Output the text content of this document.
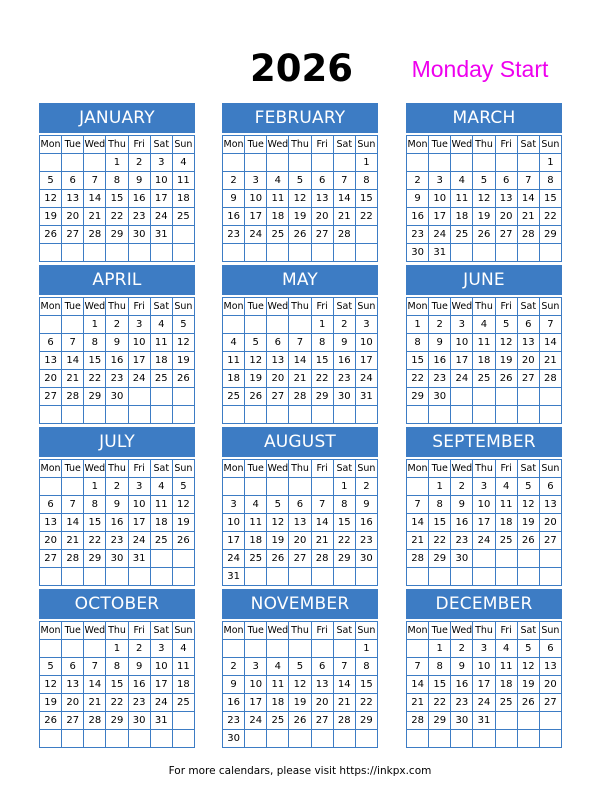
2026	Monday Start
JANUARY
Mon	Tue	Wed	Thu	Fri	Sat	Sun
			1	2	3	4
5	6	7	8	9	10	11
12	13	14	15	16	17	18
19	20	21	22	23	24	25
26	27	28	29	30	31	

FEBRUARY
Mon	Tue	Wed	Thu	Fri	Sat	Sun
						1
2	3	4	5	6	7	8
9	10	11	12	13	14	15
16	17	18	19	20	21	22
23	24	25	26	27	28	

MARCH
Mon	Tue	Wed	Thu	Fri	Sat	Sun
						1
2	3	4	5	6	7	8
9	10	11	12	13	14	15
16	17	18	19	20	21	22
23	24	25	26	27	28	29
30	31					
APRIL
Mon	Tue	Wed	Thu	Fri	Sat	Sun
		1	2	3	4	5
6	7	8	9	10	11	12
13	14	15	16	17	18	19
20	21	22	23	24	25	26
27	28	29	30			

MAY
Mon	Tue	Wed	Thu	Fri	Sat	Sun
				1	2	3
4	5	6	7	8	9	10
11	12	13	14	15	16	17
18	19	20	21	22	23	24
25	26	27	28	29	30	31

JUNE
Mon	Tue	Wed	Thu	Fri	Sat	Sun
1	2	3	4	5	6	7
8	9	10	11	12	13	14
15	16	17	18	19	20	21
22	23	24	25	26	27	28
29	30					

JULY
Mon	Tue	Wed	Thu	Fri	Sat	Sun
		1	2	3	4	5
6	7	8	9	10	11	12
13	14	15	16	17	18	19
20	21	22	23	24	25	26
27	28	29	30	31		

AUGUST
Mon	Tue	Wed	Thu	Fri	Sat	Sun
					1	2
3	4	5	6	7	8	9
10	11	12	13	14	15	16
17	18	19	20	21	22	23
24	25	26	27	28	29	30
31						
SEPTEMBER
Mon	Tue	Wed	Thu	Fri	Sat	Sun
	1	2	3	4	5	6
7	8	9	10	11	12	13
14	15	16	17	18	19	20
21	22	23	24	25	26	27
28	29	30				

OCTOBER
Mon	Tue	Wed	Thu	Fri	Sat	Sun
			1	2	3	4
5	6	7	8	9	10	11
12	13	14	15	16	17	18
19	20	21	22	23	24	25
26	27	28	29	30	31	

NOVEMBER
Mon	Tue	Wed	Thu	Fri	Sat	Sun
						1
2	3	4	5	6	7	8
9	10	11	12	13	14	15
16	17	18	19	20	21	22
23	24	25	26	27	28	29
30						
DECEMBER
Mon	Tue	Wed	Thu	Fri	Sat	Sun
	1	2	3	4	5	6
7	8	9	10	11	12	13
14	15	16	17	18	19	20
21	22	23	24	25	26	27
28	29	30	31			

For more calendars, please visit https://inkpx.com
